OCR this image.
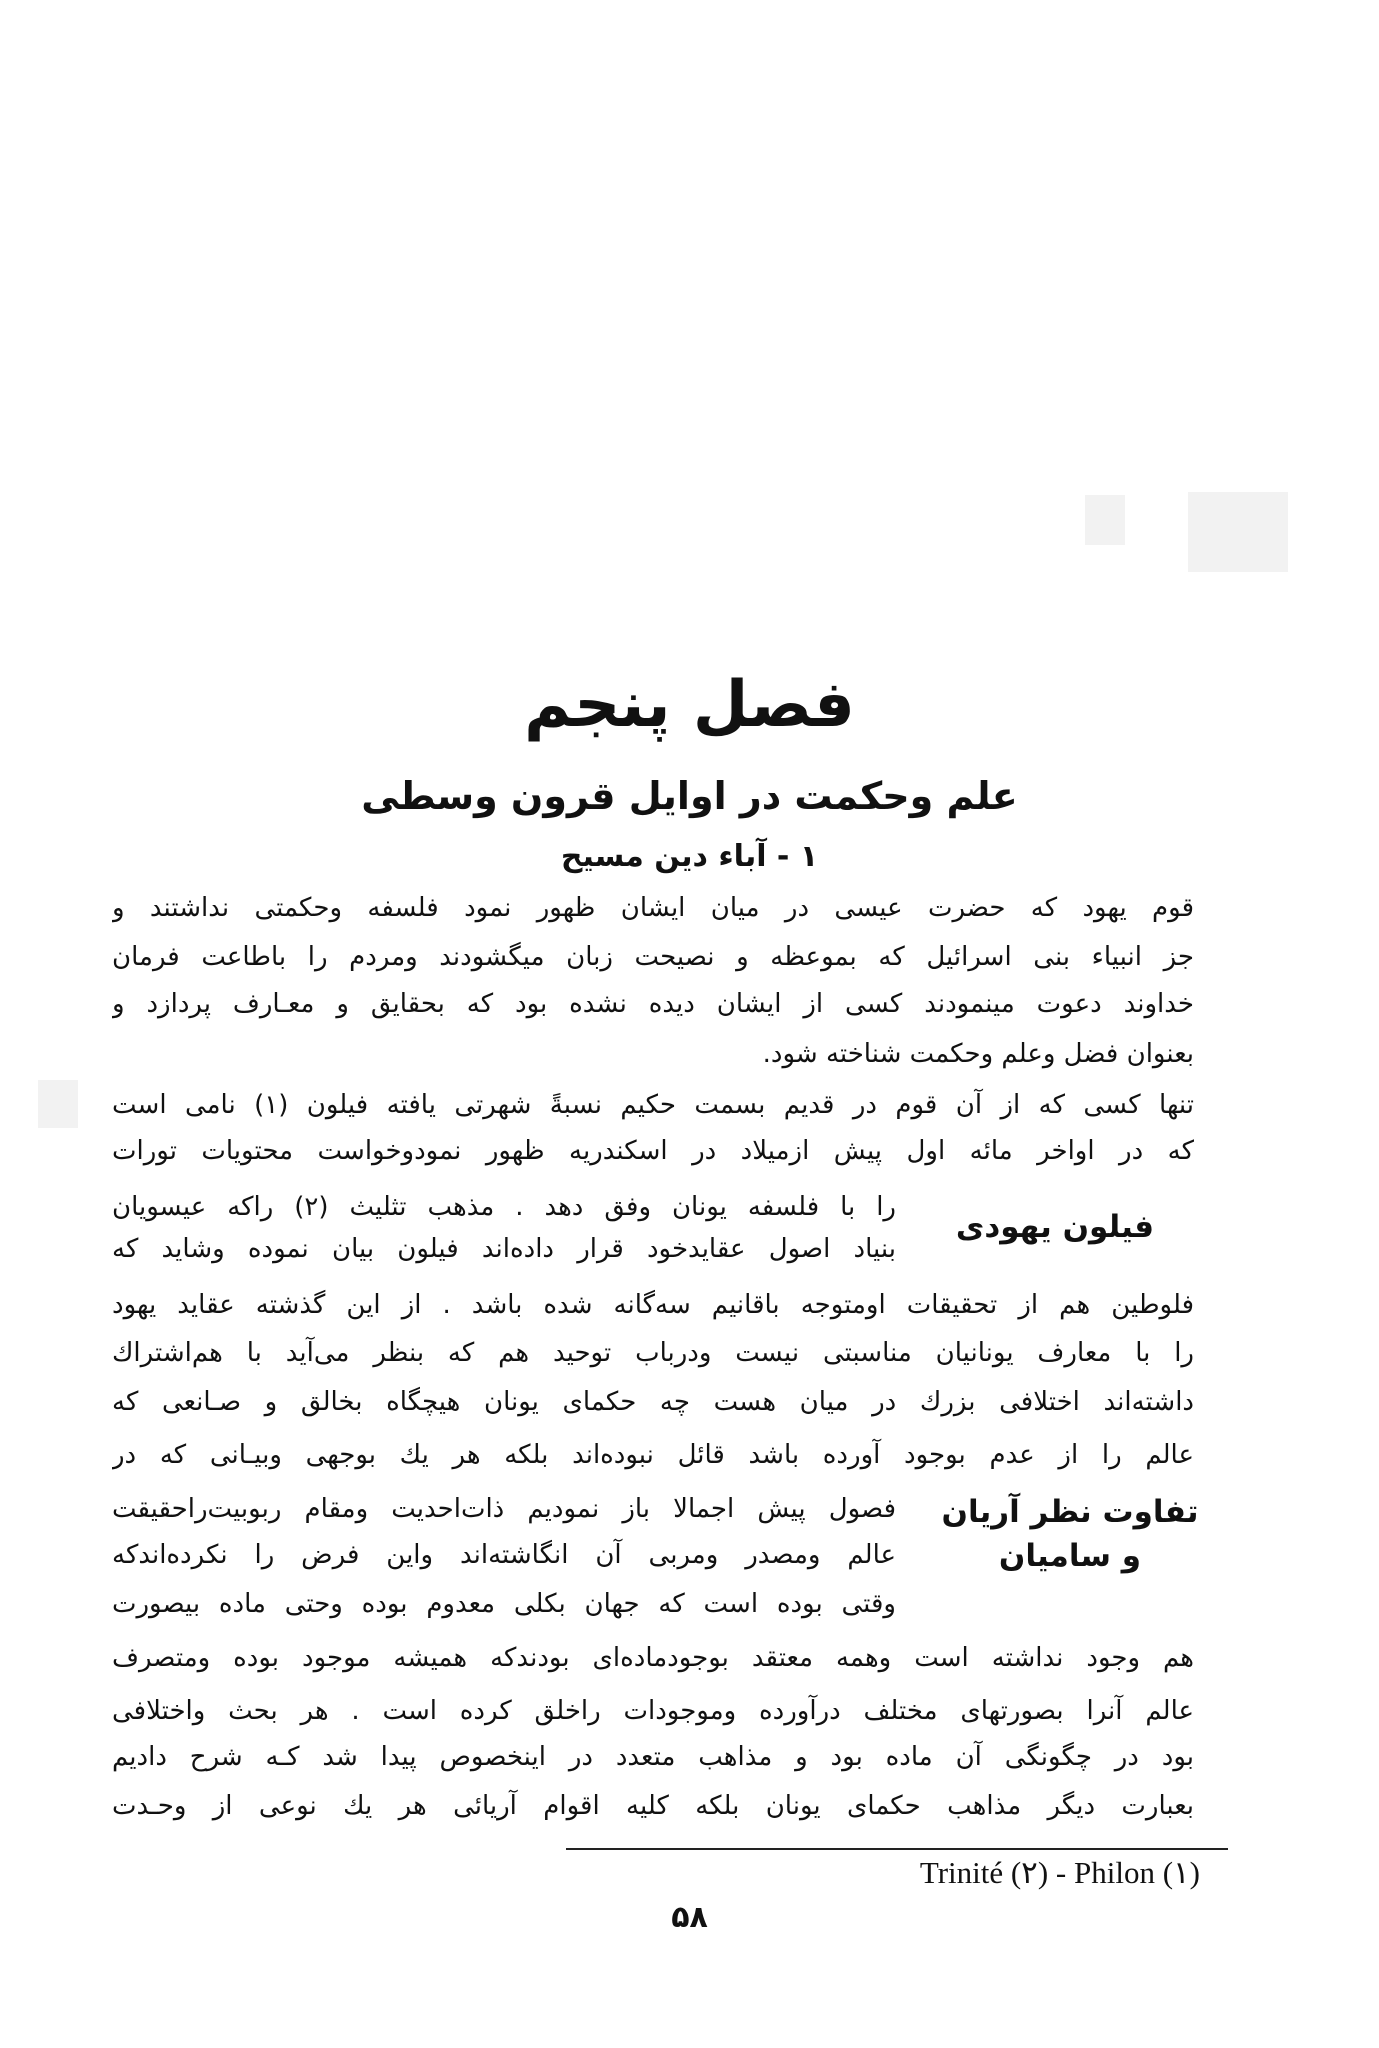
فصل پنجم
علم وحکمت در اوایل قرون وسطی
۱ - آباء دین مسیح
قوم یهود که حضرت عیسی در میان ایشان ظهور نمود فلسفه وحکمتی نداشتند و
جز انبیاء بنی اسرائیل که بموعظه و نصیحت زبان میگشودند ومردم را باطاعت فرمان
خداوند دعوت مینمودند کسی از ایشان دیده نشده بود که بحقایق و معـارف پردازد و
بعنوان فضل وعلم وحکمت شناخته شود.
تنها کسی که از آن قوم در قدیم بسمت حکیم نسبةً شهرتی یافته فیلون (۱) نامی است
که در اواخر مائه اول پیش ازمیلاد در اسکندریه ظهور نمودوخواست محتویات تورات
را با فلسفه یونان وفق دهد . مذهب تثلیث (۲) راکه عیسویان
بنیاد اصول عقایدخود قرار داده‌اند فیلون بیان نموده وشاید که
فلوطین هم از تحقیقات اومتوجه باقانیم سه‌گانه شده باشد . از این گذشته عقاید یهود
را با معارف یونانیان مناسبتی نیست ودرباب توحید هم که بنظر می‌آید با هم‌اشتراك
داشته‌اند اختلافی بزرك در میان هست چه حکمای یونان هیچگاه بخالق و صـانعی که
عالم را از عدم بوجود آورده باشد قائل نبوده‌اند بلکه هر یك بوجهی وبیـانی که در
فصول پیش اجمالا باز نمودیم ذات‌احدیت ومقام ربوبیت‌راحقیقت
عالم ومصدر ومربی آن انگاشته‌اند واین فرض را نکرده‌اندکه
وقتی بوده است که جهان بکلی معدوم بوده وحتی ماده بیصورت
هم وجود نداشته است وهمه معتقد بوجودماده‌ای بودندکه همیشه موجود بوده ومتصرف
عالم آنرا بصورتهای مختلف درآورده وموجودات راخلق کرده است . هر بحث واختلافی
بود در چگونگی آن ماده بود و مذاهب متعدد در اینخصوص پیدا شد کـه شرح دادیم
بعبارت دیگر مذاهب حکمای یونان بلکه کلیه اقوام آریائی هر یك نوعی از وحـدت
فیلون یهودی
تفاوت نظر آریان
و سامیان
Trinité (۲) - Philon (۱)
۵۸
